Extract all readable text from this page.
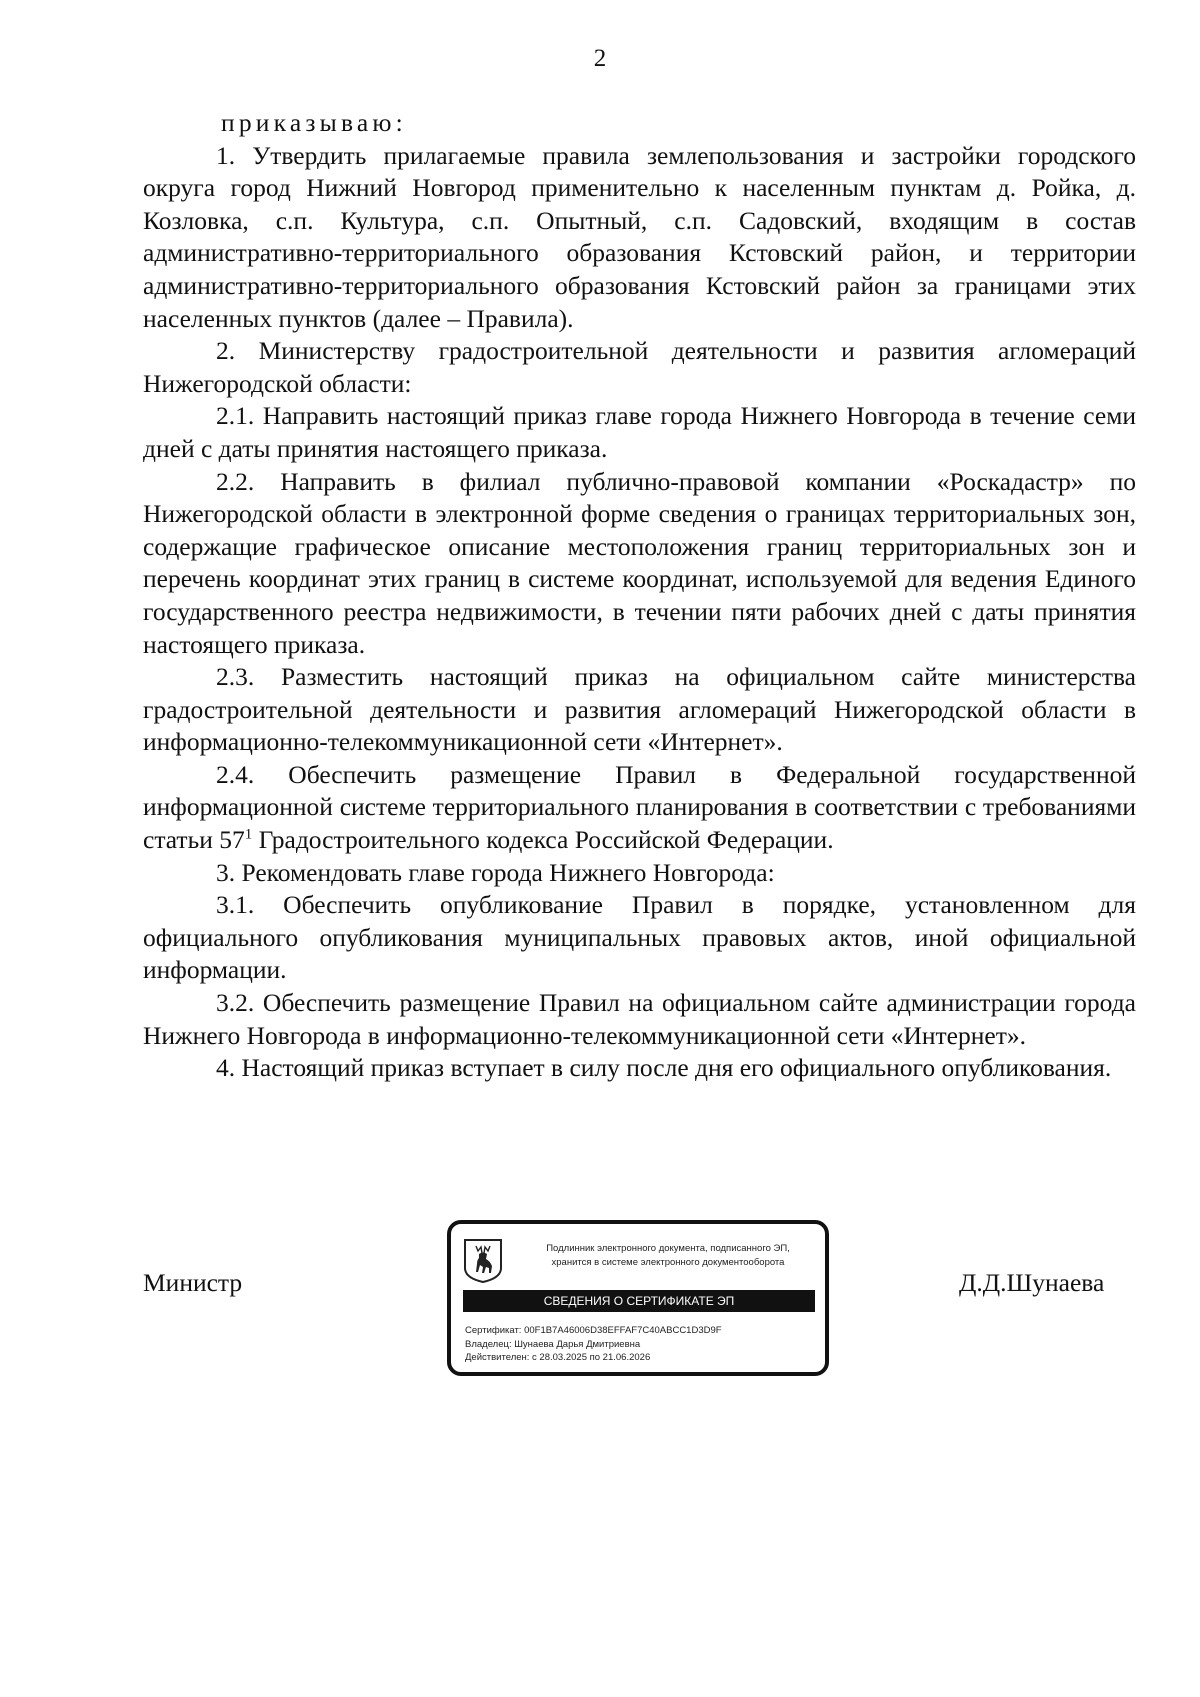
2

приказываю:

1. Утвердить прилагаемые правила землепользования и застройки городского округа город Нижний Новгород применительно к населенным пунктам д. Ройка, д. Козловка, с.п. Культура, с.п. Опытный, с.п. Садовский, входящим в состав административно-территориального образования Кстовский район, и территории административно-территориального образования Кстовский район за границами этих населенных пунктов (далее – Правила).

2. Министерству градостроительной деятельности и развития агломераций Нижегородской области:

2.1. Направить настоящий приказ главе города Нижнего Новгорода в течение семи дней с даты принятия настоящего приказа.

2.2. Направить в филиал публично-правовой компании «Роскадастр» по Нижегородской области в электронной форме сведения о границах территориальных зон, содержащие графическое описание местоположения границ территориальных зон и перечень координат этих границ в системе координат, используемой для ведения Единого государственного реестра недвижимости, в течении пяти рабочих дней с даты принятия настоящего приказа.

2.3. Разместить настоящий приказ на официальном сайте министерства градостроительной деятельности и развития агломераций Нижегородской области в информационно-телекоммуникационной сети «Интернет».

2.4. Обеспечить размещение Правил в Федеральной государственной информационной системе территориального планирования в соответствии с требованиями статьи $57^1$ Градостроительного кодекса Российской Федерации.

3. Рекомендовать главе города Нижнего Новгорода:

3.1. Обеспечить опубликование Правил в порядке, установленном для официального опубликования муниципальных правовых актов, иной официальной информации.

3.2. Обеспечить размещение Правил на официальном сайте администрации города Нижнего Новгорода в информационно-телекоммуникационной сети «Интернет».

4. Настоящий приказ вступает в силу после дня его официального опубликования.

Министр	Д.Д.Шунаева
Подлинник электронного документа, подписанного ЭП,
хранится в системе электронного документооборота
СВЕДЕНИЯ О СЕРТИФИКАТЕ ЭП
Сертификат: 00F1B7A46006D38EFFAF7C40ABCC1D3D9F
Владелец: Шунаева Дарья Дмитриевна
Действителен: с 28.03.2025 по 21.06.2026
